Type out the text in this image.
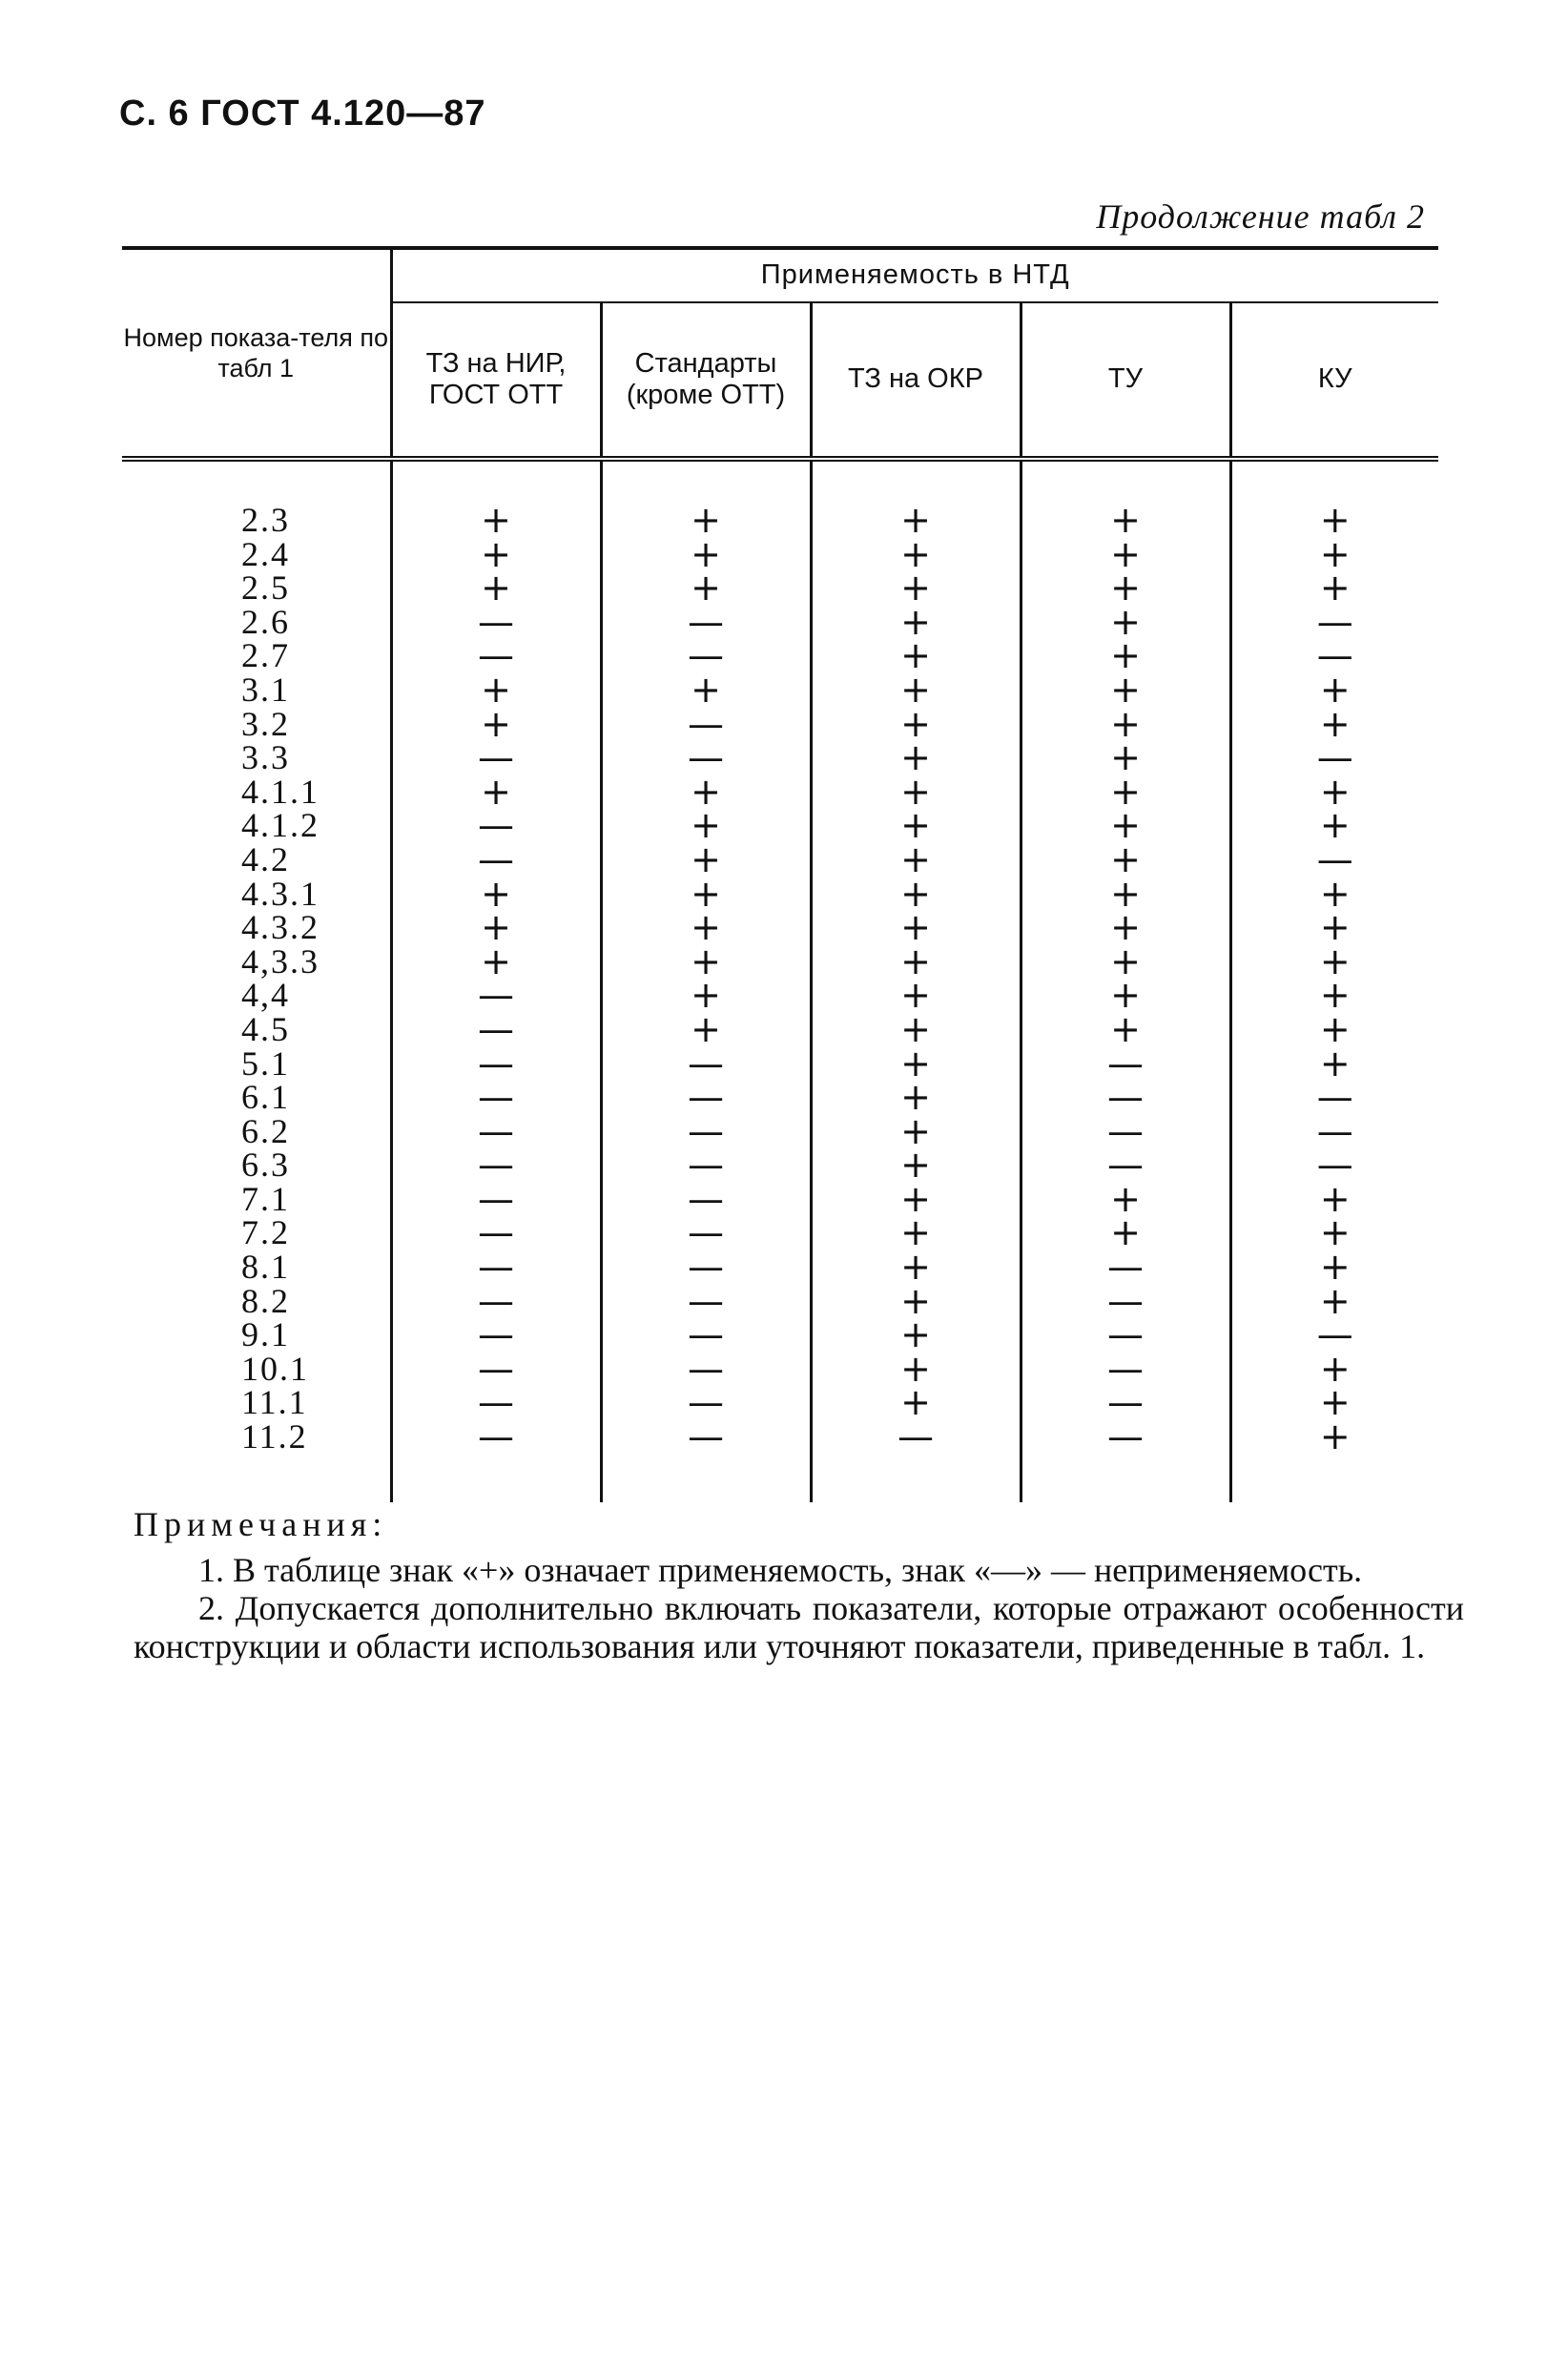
С. 6 ГОСТ 4.120—87
Продолжение табл 2
Номер показа-теля по табл 1	Применяемость в НТД				
	ТЗ на НИР, ГОСТ ОТТ	Стандарты (кроме ОТТ)	ТЗ на ОКР	ТУ	КУ

2.3	+	+	+	+	+
2.4	+	+	+	+	+
2.5	+	+	+	+	+
2.6	—	—	+	+	—
2.7	—	—	+	+	—
3.1	+	+	+	+	+
3.2	+	—	+	+	+
3.3	—	—	+	+	—
4.1.1	+	+	+	+	+
4.1.2	—	+	+	+	+
4.2	—	+	+	+	—
4.3.1	+	+	+	+	+
4.3.2	+	+	+	+	+
4,3.3	+	+	+	+	+
4,4	—	+	+	+	+
4.5	—	+	+	+	+
5.1	—	—	+	—	+
6.1	—	—	+	—	—
6.2	—	—	+	—	—
6.3	—	—	+	—	—
7.1	—	—	+	+	+
7.2	—	—	+	+	+
8.1	—	—	+	—	+
8.2	—	—	+	—	+
9.1	—	—	+	—	—
10.1	—	—	+	—	+
11.1	—	—	+	—	+
11.2	—	—	—	—	+

Примечания:
1. В таблице знак «+» означает применяемость, знак «—» — неприменяемость.
2. Допускается дополнительно включать показатели, которые отражают особенности конструкции и области использования или уточняют показатели, приведенные в табл. 1.
